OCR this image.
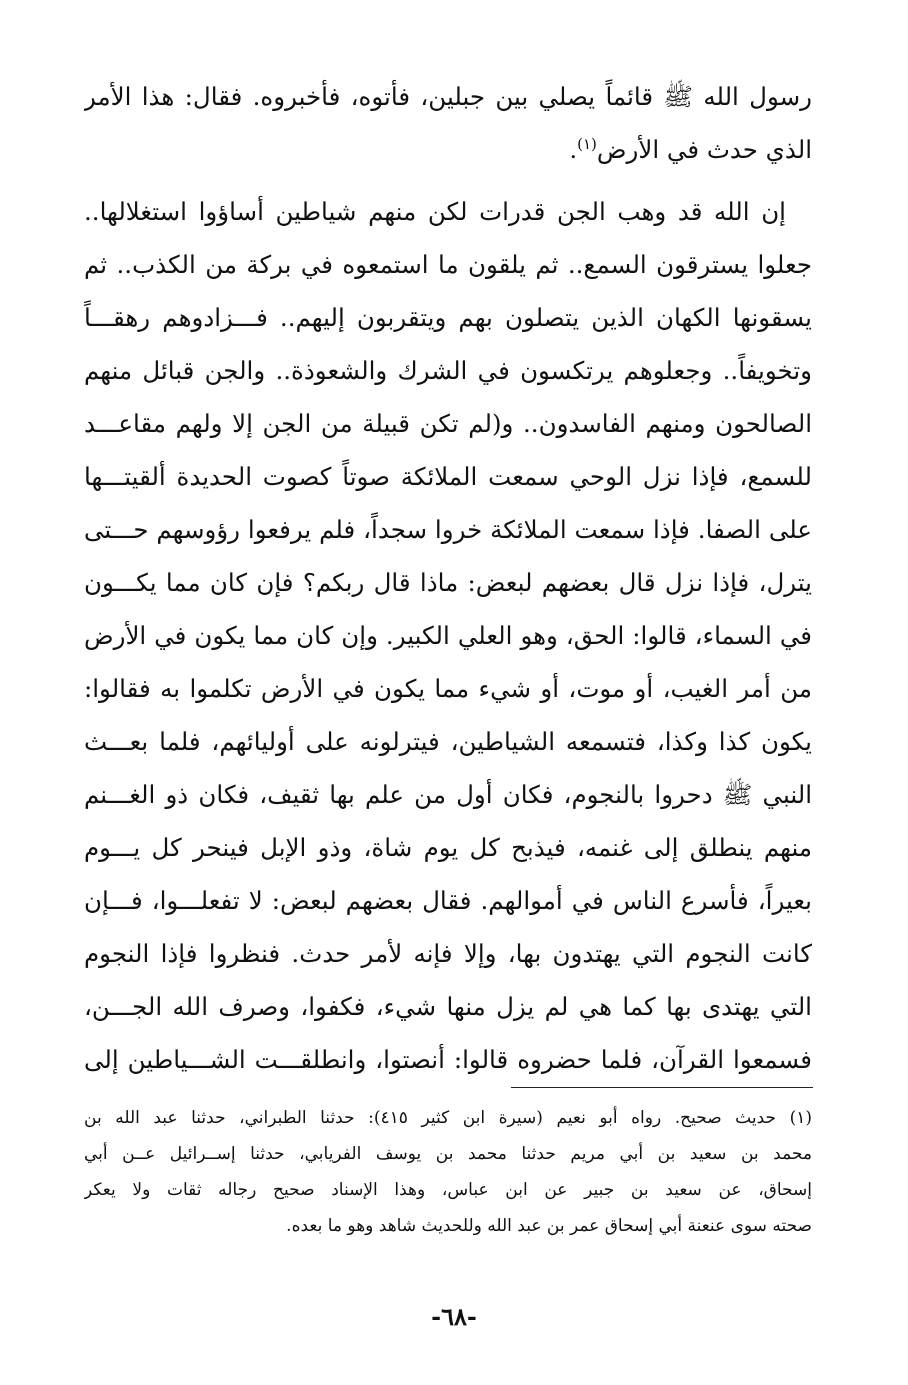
رسول الله ﷺ قائماً يصلي بين جبلين، فأتوه، فأخبروه. فقال: هذا الأمر
الذي حدث في الأرض$^{(١)}$.
إن الله قد وهب الجن قدرات لكن منهم شياطين أساؤوا استغلالها..
جعلوا يسترقون السمع.. ثم يلقون ما استمعوه في بركة من الكذب.. ثم
يسقونها الكهان الذين يتصلون بهم ويتقربون إليهم.. فـــزادوهم رهقـــاً
وتخويفاً.. وجعلوهم يرتكسون في الشرك والشعوذة.. والجن قبائل منهم
الصالحون ومنهم الفاسدون.. و(لم تكن قبيلة من الجن إلا ولهم مقاعـــد
للسمع، فإذا نزل الوحي سمعت الملائكة صوتاً كصوت الحديدة ألقيتـــها
على الصفا. فإذا سمعت الملائكة خروا سجداً، فلم يرفعوا رؤوسهم حـــتى
يترل، فإذا نزل قال بعضهم لبعض: ماذا قال ربكم؟ فإن كان مما يكـــون
في السماء، قالوا: الحق، وهو العلي الكبير. وإن كان مما يكون في الأرض
من أمر الغيب، أو موت، أو شيء مما يكون في الأرض تكلموا به فقالوا:
يكون كذا وكذا، فتسمعه الشياطين، فيترلونه على أوليائهم، فلما بعـــث
النبي ﷺ دحروا بالنجوم، فكان أول من علم بها ثقيف، فكان ذو الغـــنم
منهم ينطلق إلى غنمه، فيذبح كل يوم شاة، وذو الإبل فينحر كل يـــوم
بعيراً، فأسرع الناس في أموالهم. فقال بعضهم لبعض: لا تفعلـــوا، فـــإن
كانت النجوم التي يهتدون بها، وإلا فإنه لأمر حدث. فنظروا فإذا النجوم
التي يهتدى بها كما هي لم يزل منها شيء، فكفوا، وصرف الله الجـــن،
فسمعوا القرآن، فلما حضروه قالوا: أنصتوا، وانطلقـــت الشـــياطين إلى
(١) حديث صحيح. رواه أبو نعيم (سيرة ابن كثير ٤١٥): حدثنا الطبراني، حدثنا عبد الله بن
محمد بن سعيد بن أبي مريم حدثنا محمد بن يوسف الفريابي، حدثنا إســرائيل عــن أبي
إسحاق، عن سعيد بن جبير عن ابن عباس، وهذا الإسناد صحيح رجاله ثقات ولا يعكر
صحته سوى عنعنة أبي إسحاق عمر بن عبد الله وللحديث شاهد وهو ما بعده.
-٦٨-
